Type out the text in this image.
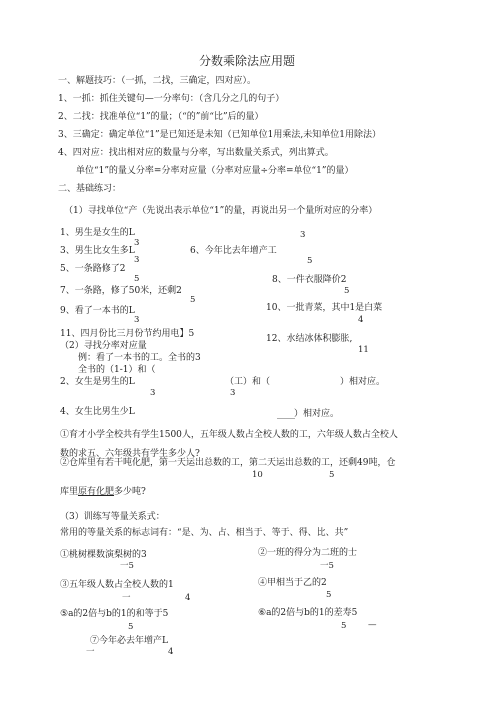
分数乘除法应用题
一、解题技巧：（一抓，二找，三确定，四对应）。
1、一抓：抓住关键句—一分率句：（含几分之几的句子）
2、二找：找准单位“1”的量；（“的”前“比”后的量）
3、三确定：确定单位“1”是已知还是未知（已知单位1用乘法,未知单位1用除法）
4、四对应：找出相对应的数量与分率，写出数量关系式，列出算式。
单位“1”的量乂分率=分率对应量（分率对应量÷分率=单位“1”的量）
二、基础练习：
（1）寻找单位“产（先说出表示单位“1”的量，再说出另一个量所对应的分率）
1、男生是女生的L
3
3
3、男生比女生多L
3
6、今年比去年增产工
5
5、一条路修了2
5	8、一件衣服降价2
5
7、一条路，修了50米，还剩2
5
9、看了一本书的L
3
10、一批青菜，其中1是白菜
4
11、四月份比三月份节约用电】5	12、水结冰体积膨胀,
11
（2）寻找分率对应量
例：看了一本书的工。全书的3
全书的（1-1）和（
2、女生是男生的L
3
（工）和（
3
）相对应。
4、女生比男生少L	____ ）相对应。
①育才小学全校共有学生1500人，五年级人数占全校人数的工，六年级人数占全校人
数的求五、六年级共有学生多少人?
②仓库里有若干吨化肥，第一天运出总数的工，第二天运出总数的工，还剩49吨，仓
10	5
库里原有化肥多少吨?
（3）训练写等量关系式：
常用的等量关系的标志词有：“是、为、占、相当于、等于、得、比、共”
①桃树棵数演梨树的3
一5
②一班的得分为二班的士
一5
③五年级人数占全校人数的1
一	4
④甲相当于乙的2
5
⑤a的2倍与b的1的和等于5
5
⑥a的2倍与b的1的差寿5
5	—
⑦今年必去年增产L
一	4
